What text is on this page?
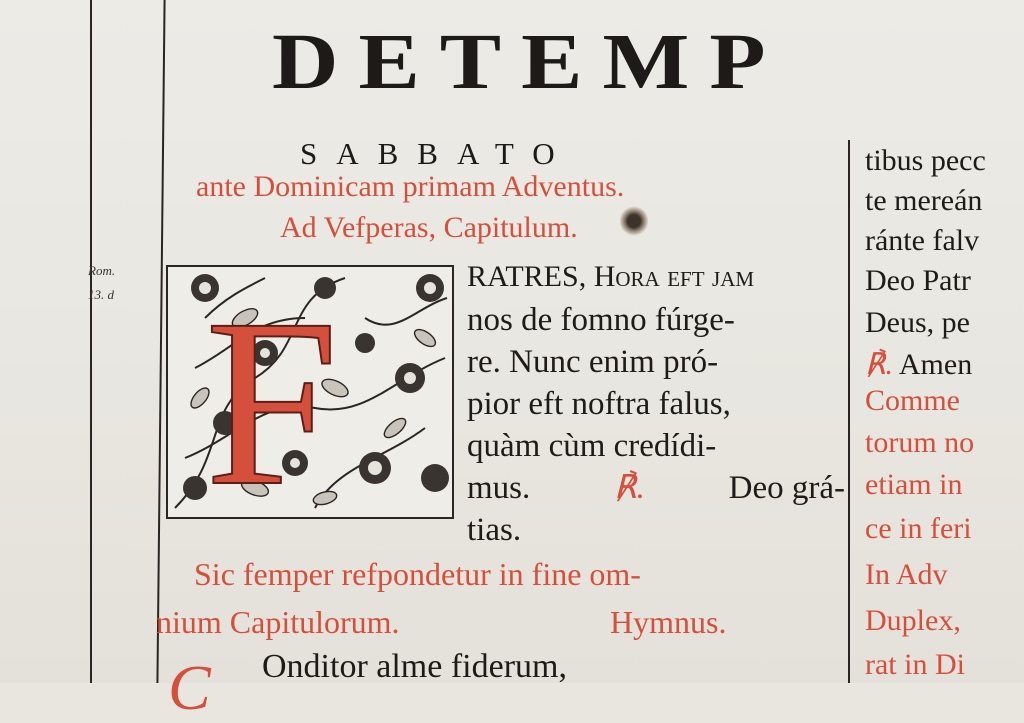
Rom.
13. d
DETEMP
SABBATO
ante Dominicam primam Adventus.
Ad Vefperas, Capitulum.
F	RATRES, Hora eft jam
nos de fomno fúrge-
re. Nunc enim pró-
pior eft noftra falus,
quàm cùm credídi-
mus.	℟.	Deo grá-
tias.
Sic femper refpondetur in fine om-
nium Capitulorum.	Hymnus.
C Onditor alme fiderum,
tibus pecc
te mereán
ránte falv
Deo Patr
Deus, pe
℟. Amen
Comme
torum no
etiam in
ce in feri
In Adv
Duplex,
rat in Di
